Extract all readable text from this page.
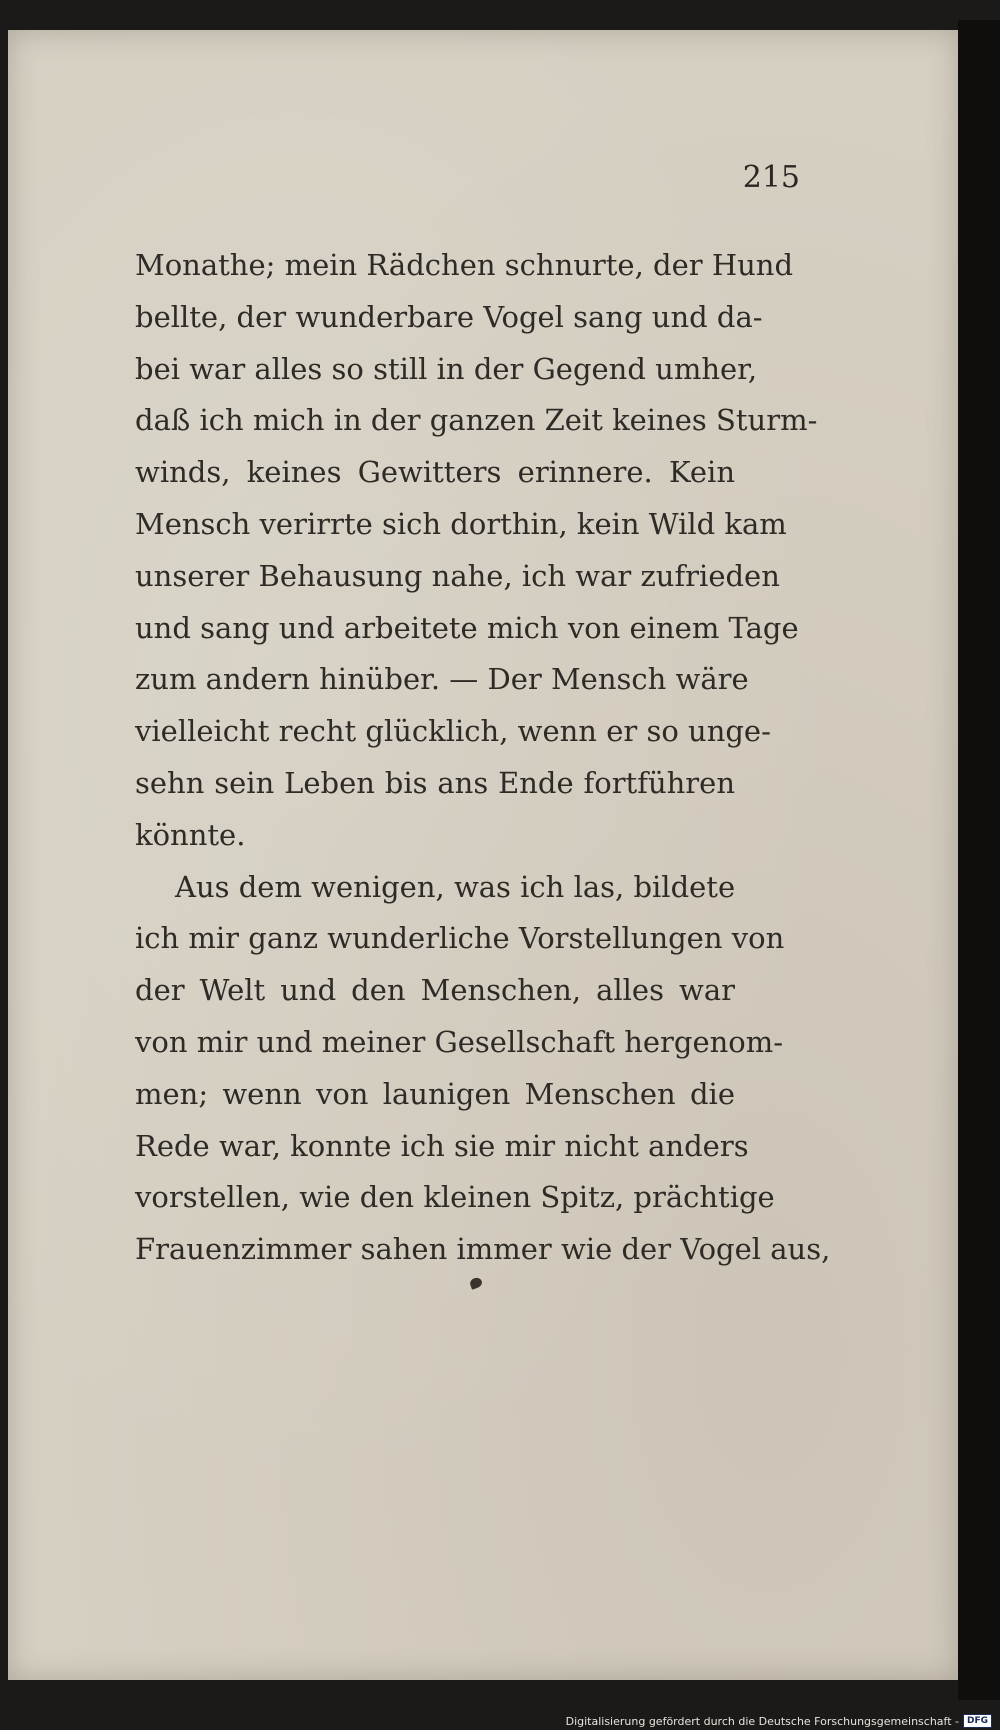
215
Monathe; mein Rädchen schnurte, der Hund
bellte, der wunderbare Vogel sang und da-
bei war alles so still in der Gegend umher,
daß ich mich in der ganzen Zeit keines Sturm-
winds, keines Gewitters erinnere. Kein
Mensch verirrte sich dorthin, kein Wild kam
unserer Behausung nahe, ich war zufrieden
und sang und arbeitete mich von einem Tage
zum andern hinüber. — Der Mensch wäre
vielleicht recht glücklich, wenn er so unge-
sehn sein Leben bis ans Ende fortführen
könnte.
Aus dem wenigen, was ich las, bildete
ich mir ganz wunderliche Vorstellungen von
der Welt und den Menschen, alles war
von mir und meiner Gesellschaft hergenom-
men; wenn von launigen Menschen die
Rede war, konnte ich sie mir nicht anders
vorstellen, wie den kleinen Spitz, prächtige
Frauenzimmer sahen immer wie der Vogel aus,
Digitalisierung gefördert durch die Deutsche Forschungsgemeinschaft - DFG
